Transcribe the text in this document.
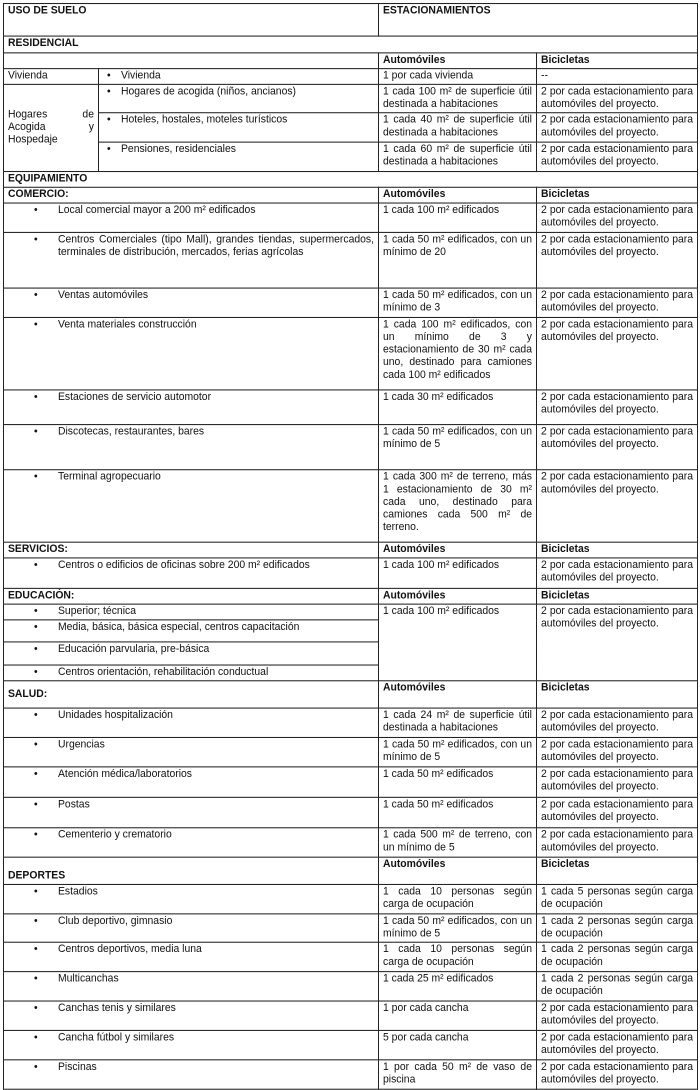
USO DE SUELO		ESTACIONAMIENTOS	
RESIDENCIAL			
		Automóviles	Bicicletas
Vivienda	• Vivienda	1 por cada vivienda	--
Hogares de Acogida y Hospedaje	• Hogares de acogida (niños, ancianos)	1 cada 100 m² de superficie útil destinada a habitaciones	2 por cada estacionamiento para automóviles del proyecto.
	• Hoteles, hostales, moteles turísticos	1 cada 40 m² de superficie útil destinada a habitaciones	2 por cada estacionamiento para automóviles del proyecto.
	• Pensiones, residenciales	1 cada 60 m² de superficie útil destinada a habitaciones	2 por cada estacionamiento para automóviles del proyecto.
EQUIPAMIENTO			
COMERCIO:		Automóviles	Bicicletas
• Local comercial mayor a 200 m² edificados		1 cada 100 m² edificados	2 por cada estacionamiento para automóviles del proyecto.
• Centros Comerciales (tipo Mall), grandes tiendas, supermercados, terminales de distribución, mercados, ferias agrícolas		1 cada 50 m² edificados, con un mínimo de 20	2 por cada estacionamiento para automóviles del proyecto.
• Ventas automóviles		1 cada 50 m² edificados, con un mínimo de 3	2 por cada estacionamiento para automóviles del proyecto.
• Venta materiales construcción		1 cada 100 m² edificados, con un mínimo de 3 y estacionamiento de 30 m² cada uno, destinado para camiones cada 100 m² edificados	2 por cada estacionamiento para automóviles del proyecto.
• Estaciones de servicio automotor		1 cada 30 m² edificados	2 por cada estacionamiento para automóviles del proyecto.
• Discotecas, restaurantes, bares		1 cada 50 m² edificados, con un mínimo de 5	2 por cada estacionamiento para automóviles del proyecto.
• Terminal agropecuario		1 cada 300 m² de terreno, más 1 estacionamiento de 30 m² cada uno, destinado para camiones cada 500 m² de terreno.	2 por cada estacionamiento para automóviles del proyecto.
SERVICIOS:		Automóviles	Bicicletas
• Centros o edificios de oficinas sobre 200 m² edificados		1 cada 100 m² edificados	2 por cada estacionamiento para automóviles del proyecto.
EDUCACIÓN:		Automóviles	Bicicletas
• Superior; técnica		1 cada 100 m² edificados	2 por cada estacionamiento para automóviles del proyecto.
• Media, básica, básica especial, centros capacitación
• Educación parvularia, pre-básica
• Centros orientación, rehabilitación conductual
SALUD:		Automóviles	Bicicletas
• Unidades hospitalización		1 cada 24 m² de superficie útil destinada a habitaciones	2 por cada estacionamiento para automóviles del proyecto.
• Urgencias		1 cada 50 m² edificados, con un mínimo de 5	2 por cada estacionamiento para automóviles del proyecto.
• Atención médica/laboratorios		1 cada 50 m² edificados	2 por cada estacionamiento para automóviles del proyecto.
• Postas		1 cada 50 m² edificados	2 por cada estacionamiento para automóviles del proyecto.
• Cementerio y crematorio		1 cada 500 m² de terreno, con un mínimo de 5	2 por cada estacionamiento para automóviles del proyecto.
DEPORTES		Automóviles	Bicicletas
• Estadios		1 cada 10 personas según carga de ocupación	1 cada 5 personas según carga de ocupación
• Club deportivo, gimnasio		1 cada 50 m² edificados, con un mínimo de 5	1 cada 2 personas según carga de ocupación
• Centros deportivos, media luna		1 cada 10 personas según carga de ocupación	1 cada 2 personas según carga de ocupación
• Multicanchas		1 cada 25 m² edificados	1 cada 2 personas según carga de ocupación
• Canchas tenis y similares		1 por cada cancha	2 por cada estacionamiento para automóviles del proyecto.
• Cancha fútbol y similares		5 por cada cancha	2 por cada estacionamiento para automóviles del proyecto.
• Piscinas		1 por cada 50 m² de vaso de piscina	2 por cada estacionamiento para automóviles del proyecto.
